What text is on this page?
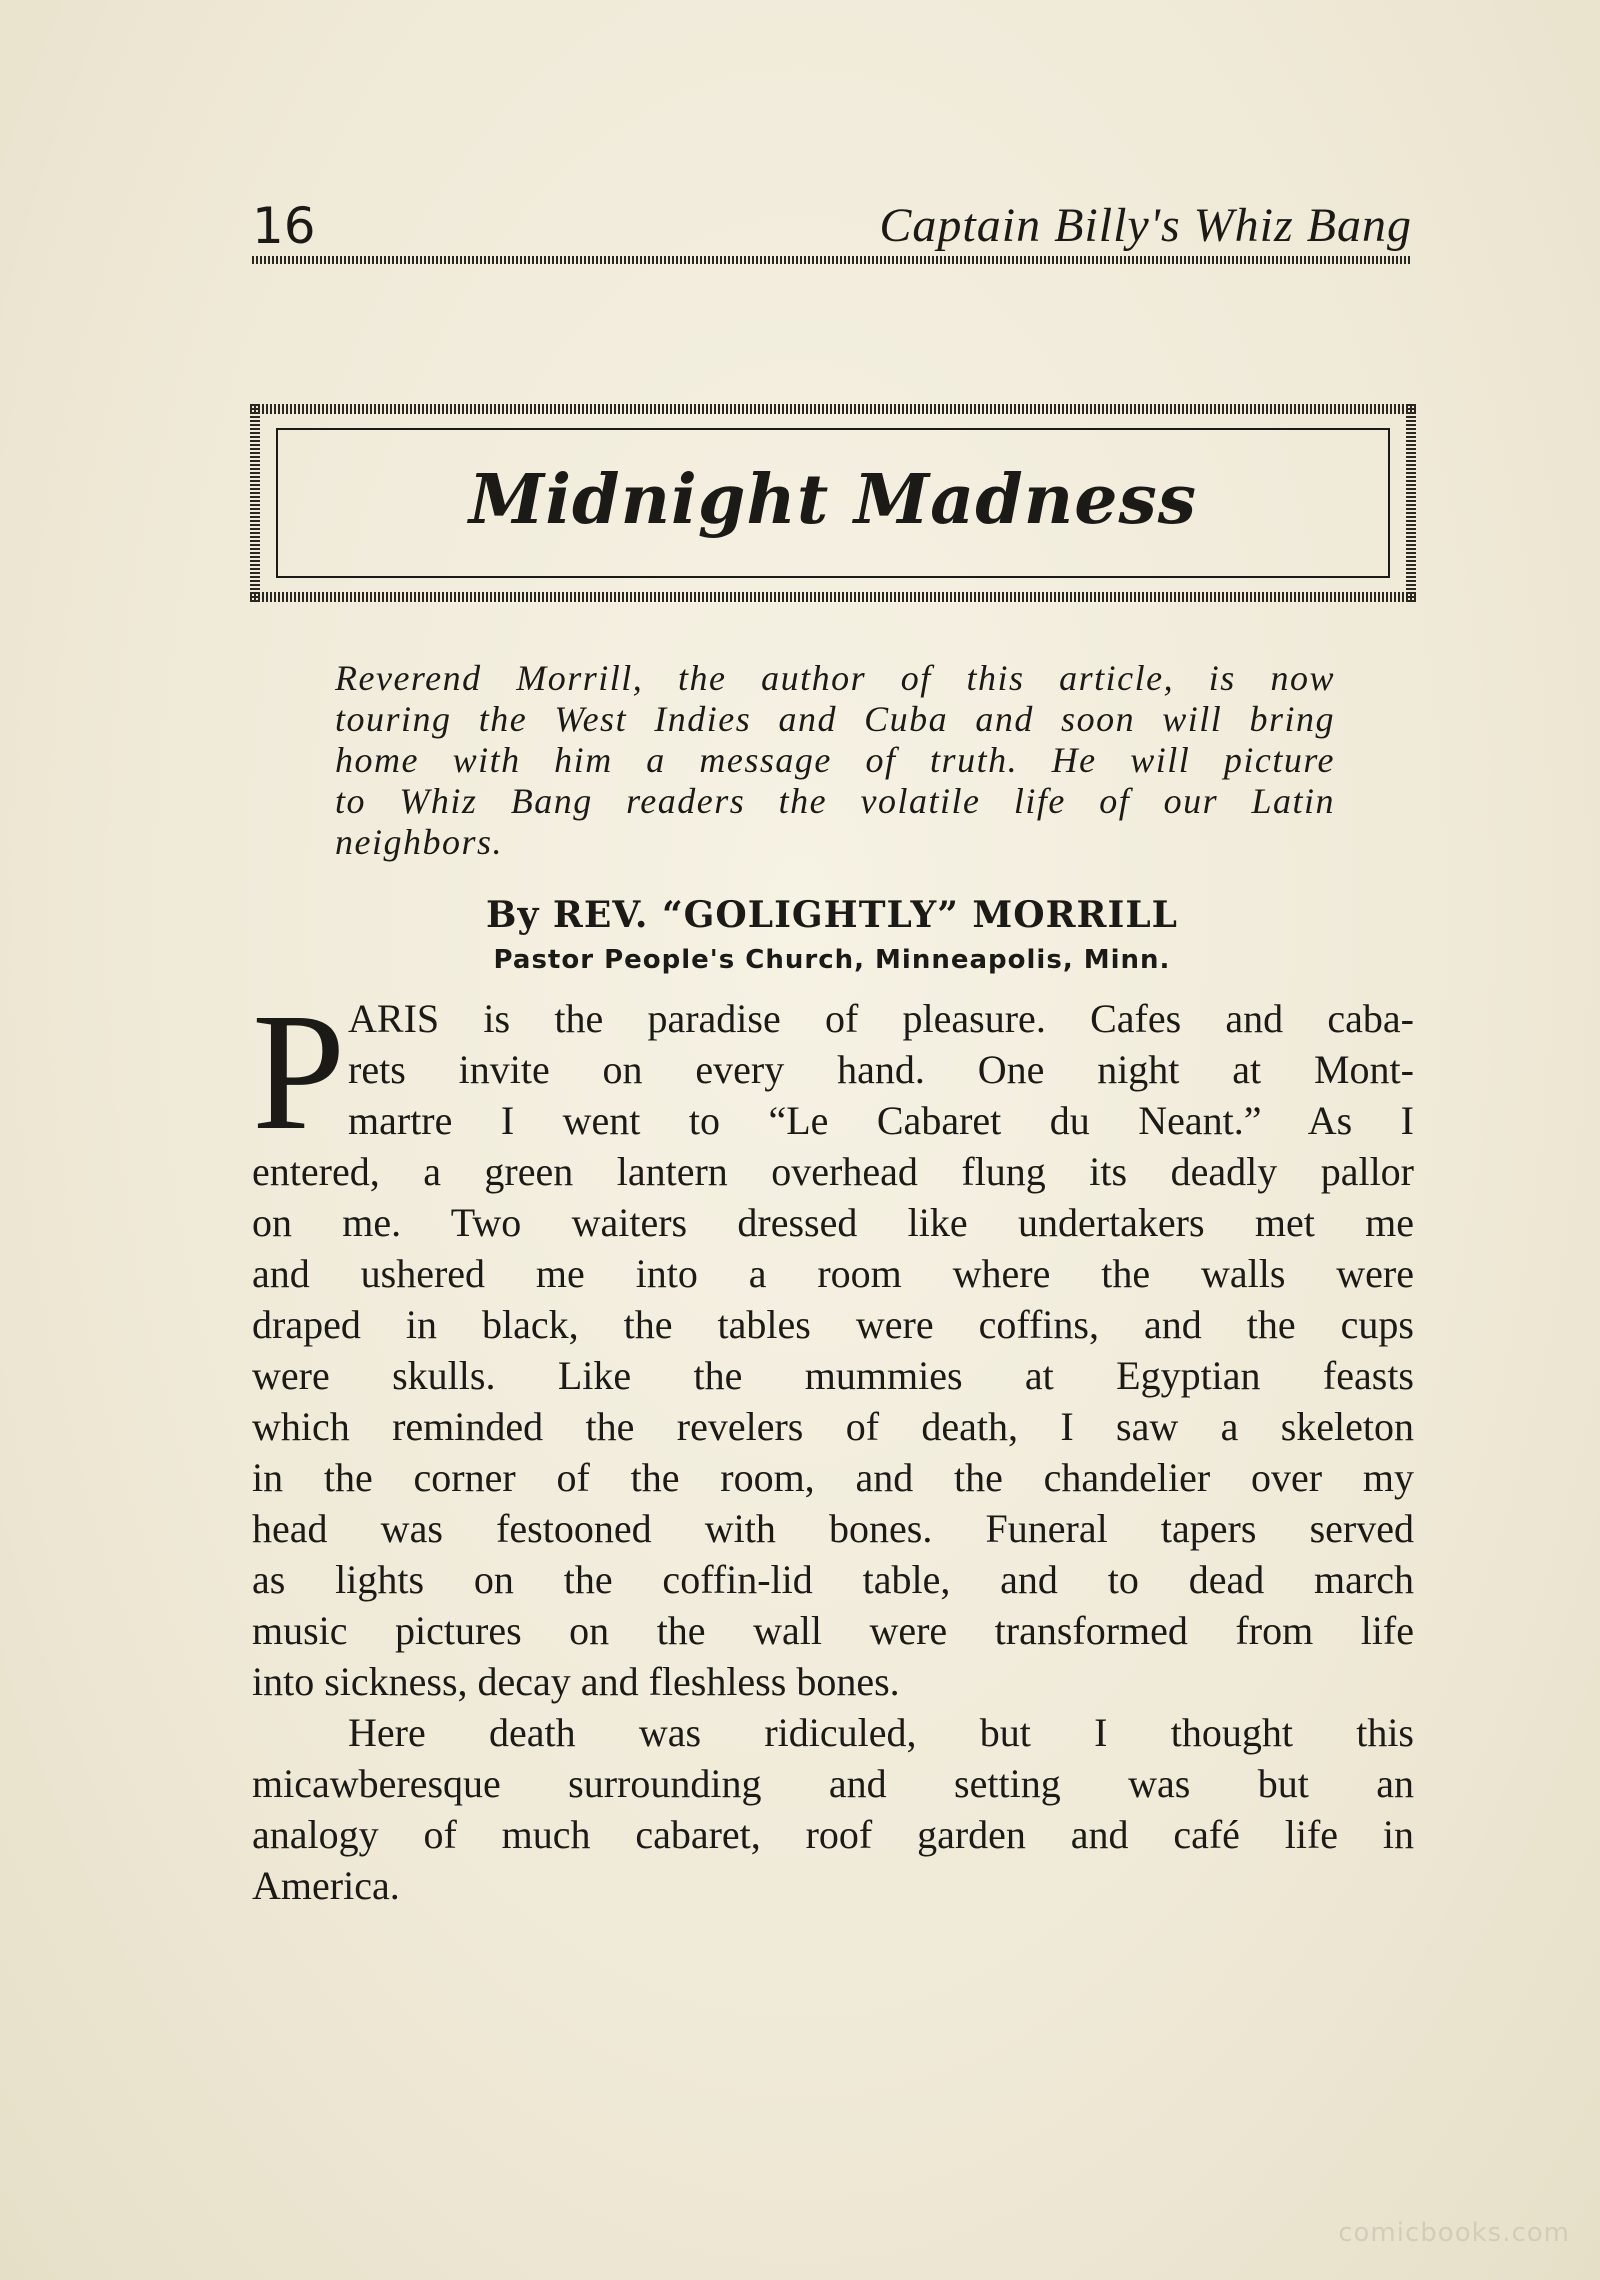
16	Captain Billy's Whiz Bang
Midnight Madness
Reverend Morrill, the author of this article, is now
touring the West Indies and Cuba and soon will bring
home with him a message of truth. He will picture
to Whiz Bang readers the volatile life of our Latin
neighbors.
By REV. “GOLIGHTLY” MORRILL
Pastor People's Church, Minneapolis, Minn.
P ARIS is the paradise of pleasure. Cafes and caba-
rets invite on every hand. One night at Mont-
martre I went to “Le Cabaret du Neant.” As I
entered, a green lantern overhead flung its deadly pallor
on me. Two waiters dressed like undertakers met me
and ushered me into a room where the walls were
draped in black, the tables were coffins, and the cups
were skulls. Like the mummies at Egyptian feasts
which reminded the revelers of death, I saw a skeleton
in the corner of the room, and the chandelier over my
head was festooned with bones. Funeral tapers served
as lights on the coffin-lid table, and to dead march
music pictures on the wall were transformed from life
into sickness, decay and fleshless bones.
Here death was ridiculed, but I thought this
micawberesque surrounding and setting was but an
analogy of much cabaret, roof garden and café life in
America.
comicbooks.com
